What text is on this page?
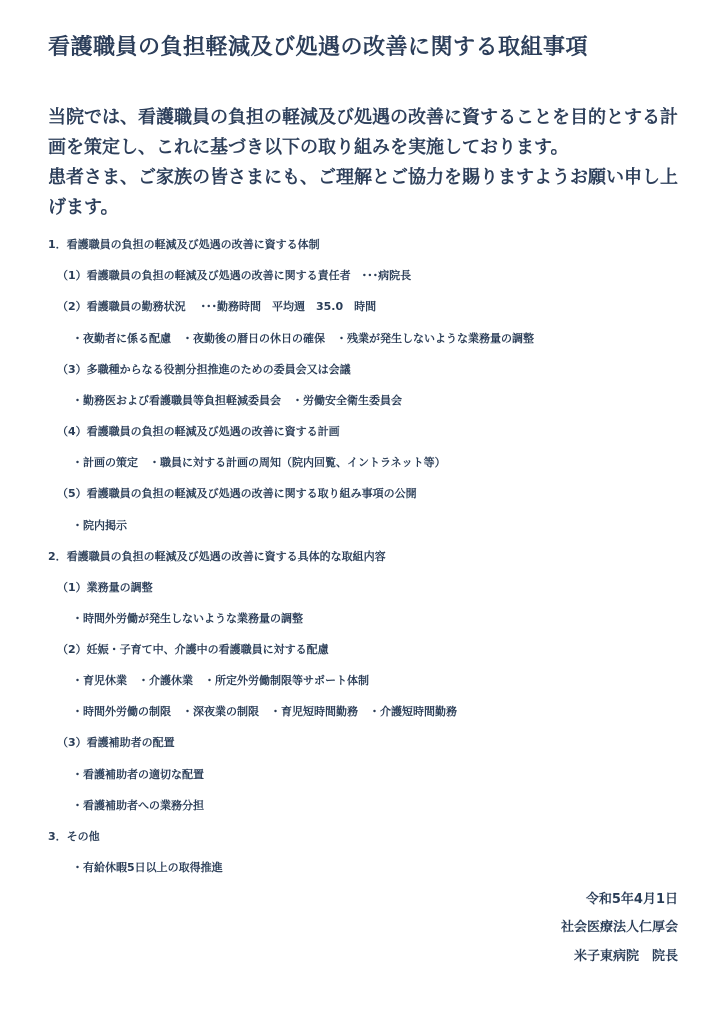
看護職員の負担軽減及び処遇の改善に関する取組事項

当院では、看護職員の負担の軽減及び処遇の改善に資することを目的とする計画を策定し、これに基づき以下の取り組みを実施しております。

患者さま、ご家族の皆さまにも、ご理解とご協力を賜りますようお願い申し上げます。

1．看護職員の負担の軽減及び処遇の改善に資する体制
（1）看護職員の負担の軽減及び処遇の改善に関する責任者　･･･病院長
（2）看護職員の勤務状況　 ･･･勤務時間　平均週　35.0　時間
・夜勤者に係る配慮　・夜勤後の暦日の休日の確保　・残業が発生しないような業務量の調整
（3）多職種からなる役割分担推進のための委員会又は会議
・勤務医および看護職員等負担軽減委員会　・労働安全衛生委員会
（4）看護職員の負担の軽減及び処遇の改善に資する計画
・計画の策定　・職員に対する計画の周知（院内回覧、イントラネット等）
（5）看護職員の負担の軽減及び処遇の改善に関する取り組み事項の公開
・院内掲示
2．看護職員の負担の軽減及び処遇の改善に資する具体的な取組内容
（1）業務量の調整
・時間外労働が発生しないような業務量の調整
（2）妊娠・子育て中、介護中の看護職員に対する配慮
・育児休業　・介護休業　・所定外労働制限等サポート体制
・時間外労働の制限　・深夜業の制限　・育児短時間勤務　・介護短時間勤務
（3）看護補助者の配置
・看護補助者の適切な配置
・看護補助者への業務分担
3．その他
・有給休暇5日以上の取得推進
令和5年4月1日
社会医療法人仁厚会
米子東病院　院長
